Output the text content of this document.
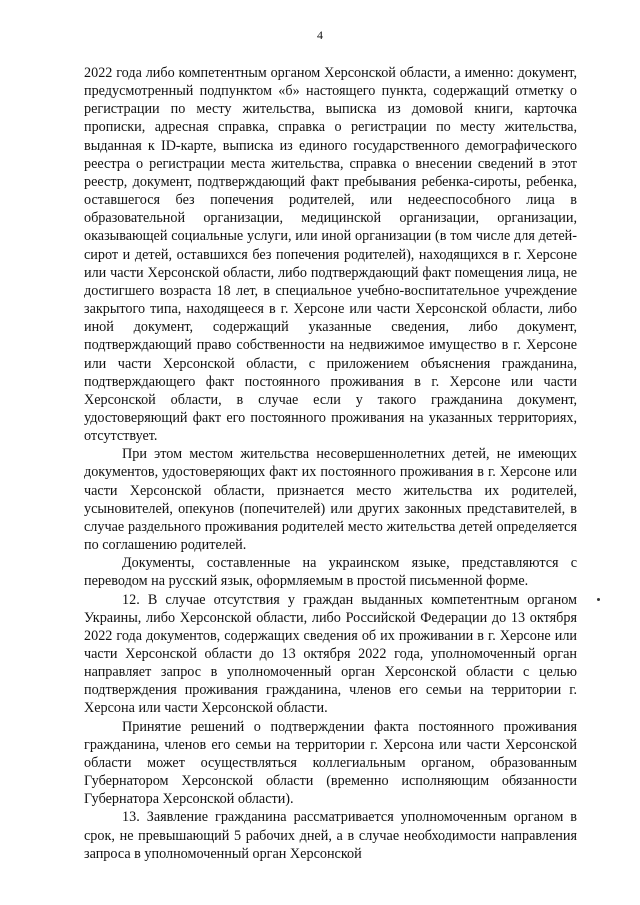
4

2022 года либо компетентным органом Херсонской области, а именно: документ, предусмотренный подпунктом «б» настоящего пункта, содержащий отметку о регистрации по месту жительства, выписка из домовой книги, карточка прописки, адресная справка, справка о регистрации по месту жительства, выданная к ID-карте, выписка из единого государственного демографического реестра о регистрации места жительства, справка о внесении сведений в этот реестр, документ, подтверждающий факт пребывания ребенка-сироты, ребенка, оставшегося без попечения родителей, или недееспособного лица в образовательной организации, медицинской организации, организации, оказывающей социальные услуги, или иной организации (в том числе для детей-сирот и детей, оставшихся без попечения родителей), находящихся в г. Херсоне или части Херсонской области, либо подтверждающий факт помещения лица, не достигшего возраста 18 лет, в специальное учебно-воспитательное учреждение закрытого типа, находящееся в г. Херсоне или части Херсонской области, либо иной документ, содержащий указанные сведения, либо документ, подтверждающий право собственности на недвижимое имущество в г. Херсоне или части Херсонской области, с приложением объяснения гражданина, подтверждающего факт постоянного проживания в г. Херсоне или части Херсонской области, в случае если у такого гражданина документ, удостоверяющий факт его постоянного проживания на указанных территориях, отсутствует.

При этом местом жительства несовершеннолетних детей, не имеющих документов, удостоверяющих факт их постоянного проживания в г. Херсоне или части Херсонской области, признается место жительства их родителей, усыновителей, опекунов (попечителей) или других законных представителей, в случае раздельного проживания родителей место жительства детей определяется по соглашению родителей.

Документы, составленные на украинском языке, представляются с переводом на русский язык, оформляемым в простой письменной форме.

12. В случае отсутствия у граждан выданных компетентным органом Украины, либо Херсонской области, либо Российской Федерации до 13 октября 2022 года документов, содержащих сведения об их проживании в г. Херсоне или части Херсонской области до 13 октября 2022 года, уполномоченный орган направляет запрос в уполномоченный орган Херсонской области с целью подтверждения проживания гражданина, членов его семьи на территории г. Херсона или части Херсонской области.

Принятие решений о подтверждении факта постоянного проживания гражданина, членов его семьи на территории г. Херсона или части Херсонской области может осуществляться коллегиальным органом, образованным Губернатором Херсонской области (временно исполняющим обязанности Губернатора Херсонской области).

13. Заявление гражданина рассматривается уполномоченным органом в срок, не превышающий 5 рабочих дней, а в случае необходимости направления запроса в уполномоченный орган Херсонской
